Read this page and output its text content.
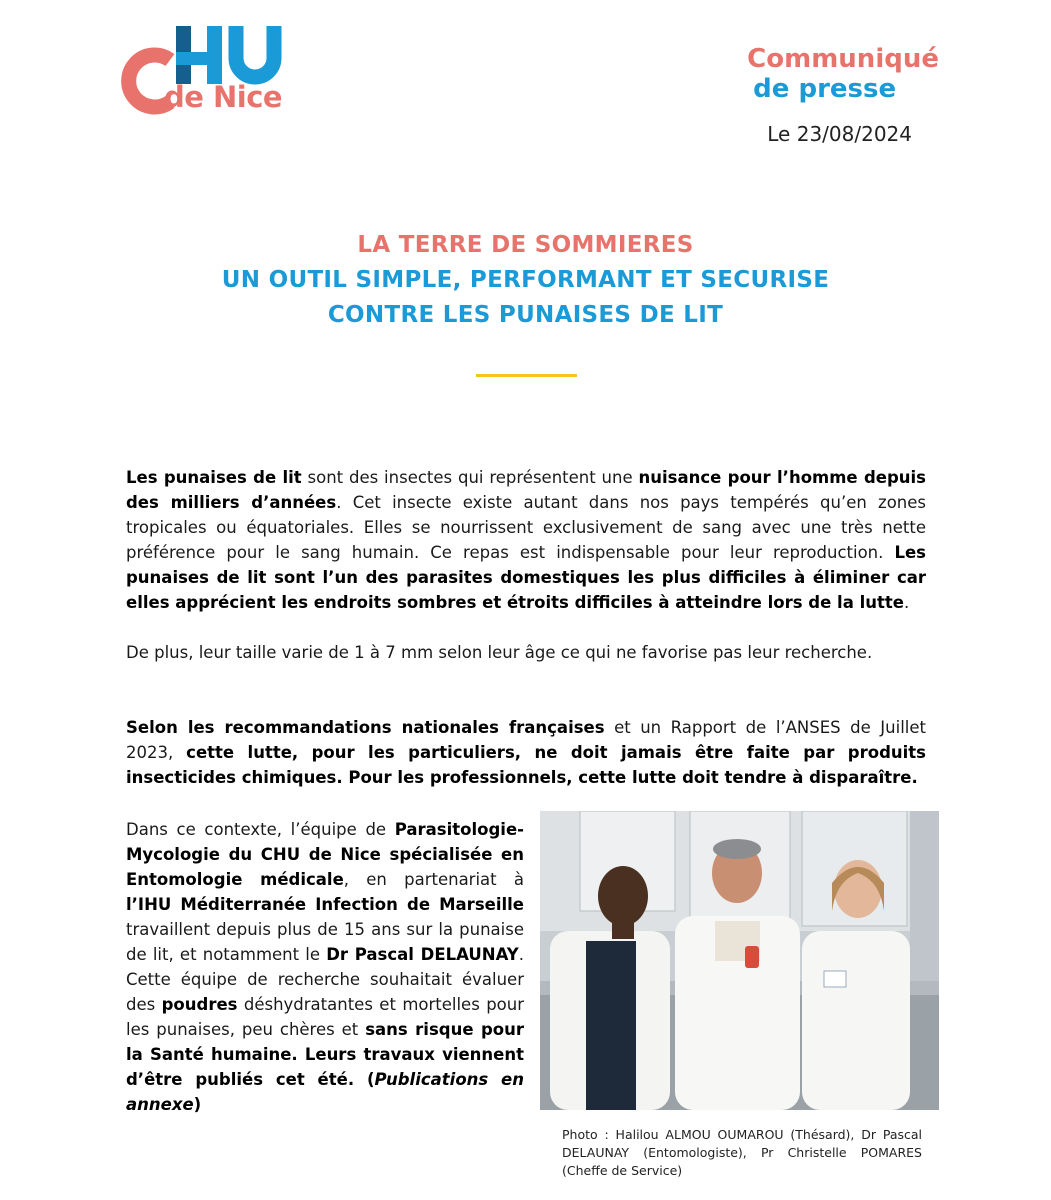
de Nice
Communiqué
de presse
Le 23/08/2024
LA TERRE DE SOMMIERES
UN OUTIL SIMPLE, PERFORMANT ET SECURISE
CONTRE LES PUNAISES DE LIT
Les punaises de lit sont des insectes qui représentent une nuisance pour l’homme depuis des milliers d’années. Cet insecte existe autant dans nos pays tempérés qu’en zones tropicales ou équatoriales. Elles se nourrissent exclusivement de sang avec une très nette préférence pour le sang humain. Ce repas est indispensable pour leur reproduction. Les punaises de lit sont l’un des parasites domestiques les plus difficiles à éliminer car elles apprécient les endroits sombres et étroits difficiles à atteindre lors de la lutte.
De plus, leur taille varie de 1 à 7 mm selon leur âge ce qui ne favorise pas leur recherche.
Selon les recommandations nationales françaises et un Rapport de l’ANSES de Juillet 2023, cette lutte, pour les particuliers, ne doit jamais être faite par produits insecticides chimiques. Pour les professionnels, cette lutte doit tendre à disparaître.
Dans ce contexte, l’équipe de Parasitologie-Mycologie du CHU de Nice spécialisée en Entomologie médicale, en partenariat à l’IHU Méditerranée Infection de Marseille travaillent depuis plus de 15 ans sur la punaise de lit, et notamment le Dr Pascal DELAUNAY. Cette équipe de recherche souhaitait évaluer des poudres déshydratantes et mortelles pour les punaises, peu chères et sans risque pour la Santé humaine. Leurs travaux viennent d’être publiés cet été. (Publications en annexe)
Photo : Halilou ALMOU OUMAROU (Thésard), Dr Pascal DELAUNAY (Entomologiste), Pr Christelle POMARES (Cheffe de Service)
